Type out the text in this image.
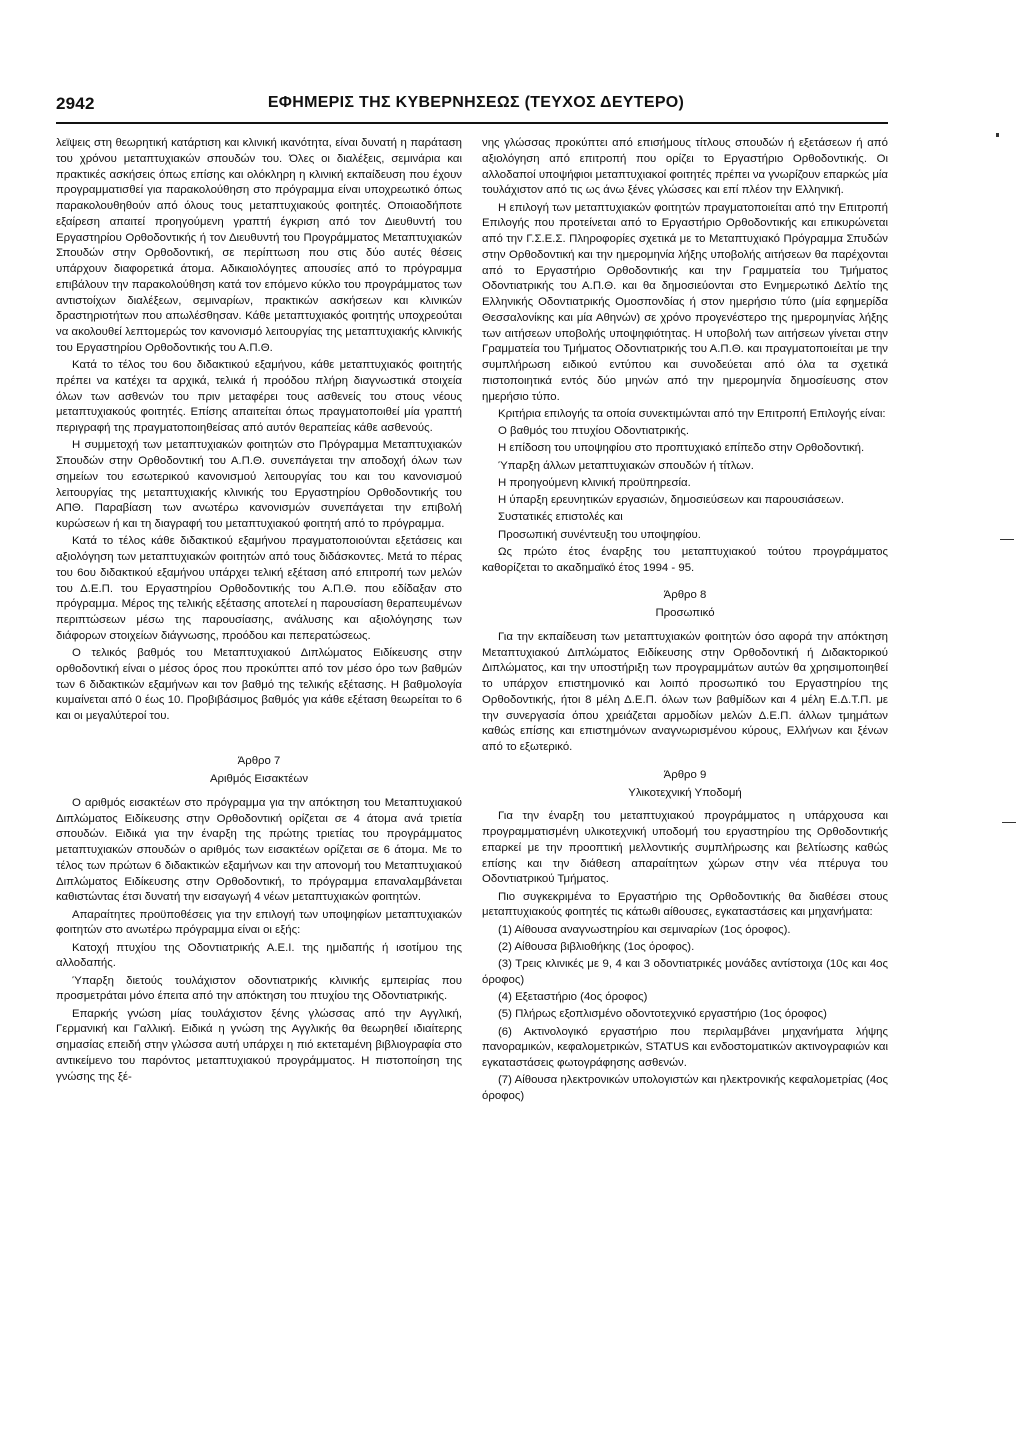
2942	ΕΦΗΜΕΡΙΣ ΤΗΣ ΚΥΒΕΡΝΗΣΕΩΣ (ΤΕΥΧΟΣ ΔΕΥΤΕΡΟ)

λεϊψεις στη θεωρητική κατάρτιση και κλινική ικανότητα, είναι δυνατή η παράταση του χρόνου μεταπτυχιακών σπουδών του. Όλες οι διαλέξεις, σεμινάρια και πρακτικές ασκήσεις όπως επίσης και ολόκληρη η κλινική εκπαίδευση που έχουν προγραμματισθεί για παρακολούθηση στο πρόγραμμα είναι υποχρεωτικό όπως παρακολουθηθούν από όλους τους μεταπτυχιακούς φοιτητές. Οποιαοδήποτε εξαίρεση απαιτεί προηγούμενη γραπτή έγκριση από τον Διευθυντή του Εργαστηρίου Ορθοδοντικής ή τον Διευθυντή του Προγράμματος Μεταπτυχιακών Σπουδών στην Ορθοδοντική, σε περίπτωση που στις δύο αυτές θέσεις υπάρχουν διαφορετικά άτομα. Αδικαιολόγητες απουσίες από το πρόγραμμα επιβάλουν την παρακολούθηση κατά τον επόμενο κύκλο του προγράμματος των αντιστοίχων διαλέξεων, σεμιναρίων, πρακτικών ασκήσεων και κλινικών δραστηριοτήτων που απωλέσθησαν. Κάθε μεταπτυχιακός φοιτητής υποχρεούται να ακολουθεί λεπτομερώς τον κανονισμό λειτουργίας της μεταπτυχιακής κλινικής του Εργαστηρίου Ορθοδοντικής του Α.Π.Θ.

Κατά το τέλος του 6ου διδακτικού εξαμήνου, κάθε μεταπτυχιακός φοιτητής πρέπει να κατέχει τα αρχικά, τελικά ή προόδου πλήρη διαγνωστικά στοιχεία όλων των ασθενών του πριν μεταφέρει τους ασθενείς του στους νέους μεταπτυχιακούς φοιτητές. Επίσης απαιτείται όπως πραγματοποιθεί μία γραπτή περιγραφή της πραγματοποιηθείσας από αυτόν θεραπείας κάθε ασθενούς.

Η συμμετοχή των μεταπτυχιακών φοιτητών στο Πρόγραμμα Μεταπτυχιακών Σπουδών στην Ορθοδοντική του Α.Π.Θ. συνεπάγεται την αποδοχή όλων των σημείων του εσωτερικού κανονισμού λειτουργίας του και του κανονισμού λειτουργίας της μεταπτυχιακής κλινικής του Εργαστηρίου Ορθοδοντικής του ΑΠΘ. Παραβίαση των ανωτέρω κανονισμών συνεπάγεται την επιβολή κυρώσεων ή και τη διαγραφή του μεταπτυχιακού φοιτητή από το πρόγραμμα.

Κατά το τέλος κάθε διδακτικού εξαμήνου πραγματοποιούνται εξετάσεις και αξιολόγηση των μεταπτυχιακών φοιτητών από τους διδάσκοντες. Μετά το πέρας του 6ου διδακτικού εξαμήνου υπάρχει τελική εξέταση από επιτροπή των μελών του Δ.Ε.Π. του Εργαστηρίου Ορθοδοντικής του Α.Π.Θ. που εδίδαξαν στο πρόγραμμα. Μέρος της τελικής εξέτασης αποτελεί η παρουσίαση θεραπευμένων περιπτώσεων μέσω της παρουσίασης, ανάλυσης και αξιολόγησης των διάφορων στοιχείων διάγνωσης, προόδου και πεπερατώσεως.

Ο τελικός βαθμός του Μεταπτυχιακού Διπλώματος Ειδίκευσης στην ορθοδοντική είναι ο μέσος όρος που προκύπτει από τον μέσο όρο των βαθμών των 6 διδακτικών εξαμήνων και τον βαθμό της τελικής εξέτασης. Η βαθμολογία κυμαίνεται από 0 έως 10. Προβιβάσιμος βαθμός για κάθε εξέταση θεωρείται το 6 και οι μεγαλύτεροί του.

Άρθρο 7
Αριθμός Εισακτέων

Ο αριθμός εισακτέων στο πρόγραμμα για την απόκτηση του Μεταπτυχιακού Διπλώματος Ειδίκευσης στην Ορθοδοντική ορίζεται σε 4 άτομα ανά τριετία σπουδών. Ειδικά για την έναρξη της πρώτης τριετίας του προγράμματος μεταπτυχιακών σπουδών ο αριθμός των εισακτέων ορίζεται σε 6 άτομα. Με το τέλος των πρώτων 6 διδακτικών εξαμήνων και την απονομή του Μεταπτυχιακού Διπλώματος Ειδίκευσης στην Ορθοδοντική, το πρόγραμμα επαναλαμβάνεται καθιστώντας έτσι δυνατή την εισαγωγή 4 νέων μεταπτυχιακών φοιτητών.

Απαραίτητες προϋποθέσεις για την επιλογή των υποψηφίων μεταπτυχιακών φοιτητών στο ανωτέρω πρόγραμμα είναι οι εξής:

Κατοχή πτυχίου της Οδοντιατρικής Α.Ε.Ι. της ημιδαπής ή ισοτίμου της αλλοδαπής.

Ύπαρξη διετούς τουλάχιστον οδοντιατρικής κλινικής εμπειρίας που προσμετράται μόνο έπειτα από την απόκτηση του πτυχίου της Οδοντιατρικής.

Επαρκής γνώση μίας τουλάχιστον ξένης γλώσσας από την Αγγλική, Γερμανική και Γαλλική. Ειδικά η γνώση της Αγγλικής θα θεωρηθεί ιδιαίτερης σημασίας επειδή στην γλώσσα αυτή υπάρχει η πιό εκτεταμένη βιβλιογραφία στο αντικείμενο του παρόντος μεταπτυχιακού προγράμματος. Η πιστοποίηση της γνώσης της ξέ-

νης γλώσσας προκύπτει από επισήμους τίτλους σπουδών ή εξετάσεων ή από αξιολόγηση από επιτροπή που ορίζει το Εργαστήριο Ορθοδοντικής. Οι αλλοδαποί υποψήφιοι μεταπτυχιακοί φοιτητές πρέπει να γνωρίζουν επαρκώς μία τουλάχιστον από τις ως άνω ξένες γλώσσες και επί πλέον την Ελληνική.

Η επιλογή των μεταπτυχιακών φοιτητών πραγματοποιείται από την Επιτροπή Επιλογής που προτείνεται από το Εργαστήριο Ορθοδοντικής και επικυρώνεται από την Γ.Σ.Ε.Σ. Πληροφορίες σχετικά με το Μεταπτυχιακό Πρόγραμμα Σπυδών στην Ορθοδοντική και την ημερομηνία λήξης υποβολής αιτήσεων θα παρέχονται από το Εργαστήριο Ορθοδοντικής και την Γραμματεία του Τμήματος Οδοντιατρικής του Α.Π.Θ. και θα δημοσιεύονται στο Ενημερωτικό Δελτίο της Ελληνικής Οδοντιατρικής Ομοσπονδίας ή στον ημερήσιο τύπο (μία εφημερίδα Θεσσαλονίκης και μία Αθηνών) σε χρόνο προγενέστερο της ημερομηνίας λήξης των αιτήσεων υποβολής υποψηφιότητας. Η υποβολή των αιτήσεων γίνεται στην Γραμματεία του Τμήματος Οδοντιατρικής του Α.Π.Θ. και πραγματοποιείται με την συμπλήρωση ειδικού εντύπου και συνοδεύεται από όλα τα σχετικά πιστοποιητικά εντός δύο μηνών από την ημερομηνία δημοσίευσης στον ημερήσιο τύπο.

Κριτήρια επιλογής τα οποία συνεκτιμώνται από την Επιτροπή Επιλογής είναι:

Ο βαθμός του πτυχίου Οδοντιατρικής.

Η επίδοση του υποψηφίου στο προπτυχιακό επίπεδο στην Ορθοδοντική.

Ύπαρξη άλλων μεταπτυχιακών σπουδών ή τίτλων.

Η προηγούμενη κλινική προϋπηρεσία.

Η ύπαρξη ερευνητικών εργασιών, δημοσιεύσεων και παρουσιάσεων.

Συστατικές επιστολές και

Προσωπική συνέντευξη του υποψηφίου.

Ως πρώτο έτος έναρξης του μεταπτυχιακού τούτου προγράμματος καθορίζεται το ακαδημαϊκό έτος 1994 - 95.

Άρθρο 8
Προσωπικό

Για την εκπαίδευση των μεταπτυχιακών φοιτητών όσο αφορά την απόκτηση Μεταπτυχιακού Διπλώματος Ειδίκευσης στην Ορθοδοντική ή Διδακτορικού Διπλώματος, και την υποστήριξη των προγραμμάτων αυτών θα χρησιμοποιηθεί το υπάρχον επιστημονικό και λοιπό προσωπικό του Εργαστηρίου της Ορθοδοντικής, ήτοι 8 μέλη Δ.Ε.Π. όλων των βαθμίδων και 4 μέλη Ε.Δ.Τ.Π. με την συνεργασία όπου χρειάζεται αρμοδίων μελών Δ.Ε.Π. άλλων τμημάτων καθώς επίσης και επιστημόνων αναγνωρισμένου κύρους, Ελλήνων και ξένων από το εξωτερικό.

Άρθρο 9
Υλικοτεχνική Υποδομή

Για την έναρξη του μεταπτυχιακού προγράμματος η υπάρχουσα και προγραμματισμένη υλικοτεχνική υποδομή του εργαστηρίου της Ορθοδοντικής επαρκεί με την προοπτική μελλοντικής συμπλήρωσης και βελτίωσης καθώς επίσης και την διάθεση απαραίτητων χώρων στην νέα πτέρυγα του Οδοντιατρικού Τμήματος.

Πιο συγκεκριμένα το Εργαστήριο της Ορθοδοντικής θα διαθέσει στους μεταπτυχιακούς φοιτητές τις κάτωθι αίθουσες, εγκαταστάσεις και μηχανήματα:

(1) Αίθουσα αναγνωστηρίου και σεμιναρίων (1ος όροφος).

(2) Αίθουσα βιβλιοθήκης (1ος όροφος).

(3) Τρεις κλινικές με 9, 4 και 3 οδοντιατρικές μονάδες αντίστοιχα (10ς και 4ος όροφος)

(4) Εξεταστήριο (4ος όροφος)

(5) Πλήρως εξοπλισμένο οδοντοτεχνικό εργαστήριο (1ος όροφος)

(6) Ακτινολογικό εργαστήριο που περιλαμβάνει μηχανήματα λήψης πανοραμικών, κεφαλομετρικών, STATUS και ενδοστοματικών ακτινογραφιών και εγκαταστάσεις φωτογράφησης ασθενών.

(7) Αίθουσα ηλεκτρονικών υπολογιστών και ηλεκτρονικής κεφαλομετρίας (4ος όροφος)
